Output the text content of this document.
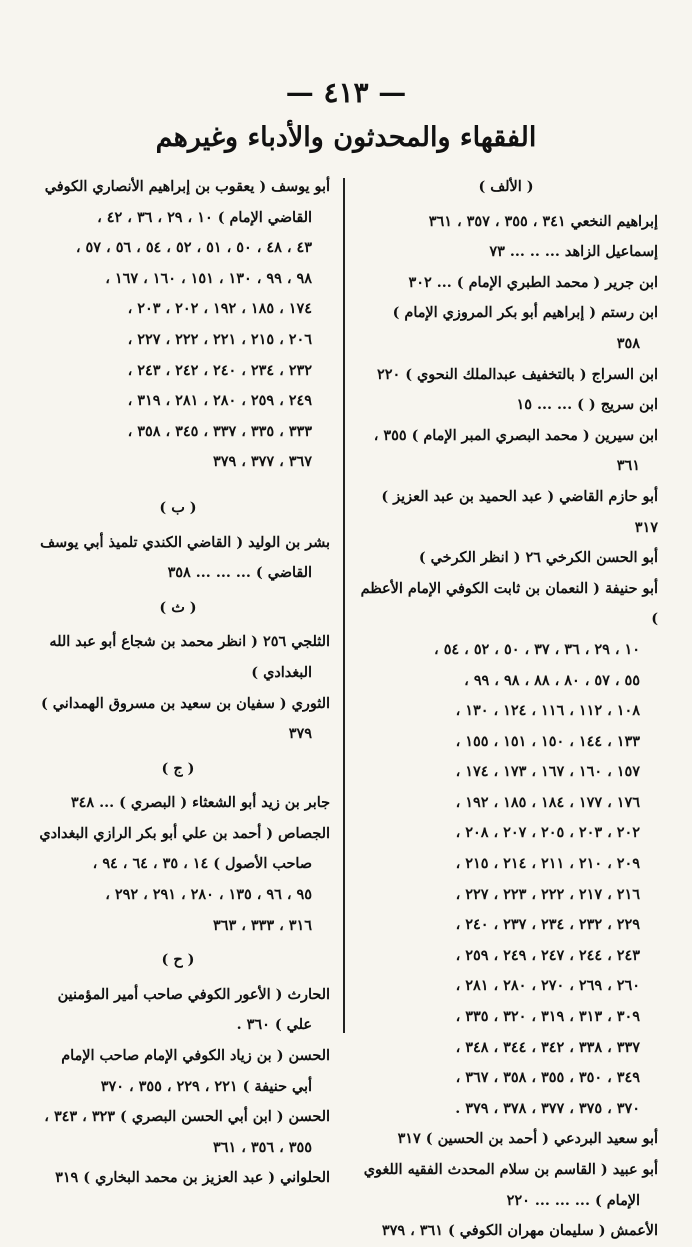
— ٤١٣ —
الفقهاء والمحدثون والأدباء وغيرهم
( الألف )
إبراهيم النخعي ٣٤١ ، ٣٥٥ ، ٣٥٧ ، ٣٦١
إسماعيل الزاهد ... .. ... ٧٣
ابن جرير ( محمد الطبري الإمام ) ... ٣٠٢
ابن رستم ( إبراهيم أبو بكر المروزي الإمام )
٣٥٨
ابن السراج ( بالتخفيف عبدالملك النحوي ) ٢٢٠
ابن سريج ( ) ... ... ١٥
ابن سيرين ( محمد البصري المبر الإمام ) ٣٥٥ ،
٣٦١
أبو حازم القاضي ( عبد الحميد بن عبد العزيز ) ٣١٧
أبو الحسن الكرخي ٢٦ ( انظر الكرخي )
أبو حنيفة ( النعمان بن ثابت الكوفي الإمام الأعظم )
١٠ ، ٢٩ ، ٣٦ ، ٣٧ ، ٥٠ ، ٥٢ ، ٥٤ ،
٥٥ ، ٥٧ ، ٨٠ ، ٨٨ ، ٩٨ ، ٩٩ ،
١٠٨ ، ١١٢ ، ١١٦ ، ١٢٤ ، ١٣٠ ،
١٣٣ ، ١٤٤ ، ١٥٠ ، ١٥١ ، ١٥٥ ،
١٥٧ ، ١٦٠ ، ١٦٧ ، ١٧٣ ، ١٧٤ ،
١٧٦ ، ١٧٧ ، ١٨٤ ، ١٨٥ ، ١٩٢ ،
٢٠٢ ، ٢٠٣ ، ٢٠٥ ، ٢٠٧ ، ٢٠٨ ،
٢٠٩ ، ٢١٠ ، ٢١١ ، ٢١٤ ، ٢١٥ ،
٢١٦ ، ٢١٧ ، ٢٢٢ ، ٢٢٣ ، ٢٢٧ ،
٢٢٩ ، ٢٣٢ ، ٢٣٤ ، ٢٣٧ ، ٢٤٠ ،
٢٤٣ ، ٢٤٤ ، ٢٤٧ ، ٢٤٩ ، ٢٥٩ ،
٢٦٠ ، ٢٦٩ ، ٢٧٠ ، ٢٨٠ ، ٢٨١ ،
٣٠٩ ، ٣١٣ ، ٣١٩ ، ٣٢٠ ، ٣٣٥ ،
٣٣٧ ، ٣٣٨ ، ٣٤٢ ، ٣٤٤ ، ٣٤٨ ،
٣٤٩ ، ٣٥٠ ، ٣٥٥ ، ٣٥٨ ، ٣٦٧ ،
٣٧٠ ، ٣٧٥ ، ٣٧٧ ، ٣٧٨ ، ٣٧٩ .
أبو سعيد البردعي ( أحمد بن الحسين ) ٣١٧
أبو عبيد ( القاسم بن سلام المحدث الفقيه اللغوي
الإمام ) ... ... ... ٢٢٠
الأعمش ( سليمان مهران الكوفي ) ٣٦١ ، ٣٧٩
أبو يوسف ( يعقوب بن إبراهيم الأنصاري الكوفي
القاضي الإمام ) ١٠ ، ٢٩ ، ٣٦ ، ٤٢ ،
٤٣ ، ٤٨ ، ٥٠ ، ٥١ ، ٥٢ ، ٥٤ ، ٥٦ ، ٥٧ ،
٩٨ ، ٩٩ ، ١٣٠ ، ١٥١ ، ١٦٠ ، ١٦٧ ،
١٧٤ ، ١٨٥ ، ١٩٢ ، ٢٠٢ ، ٢٠٣ ،
٢٠٦ ، ٢١٥ ، ٢٢١ ، ٢٢٢ ، ٢٢٧ ،
٢٣٢ ، ٢٣٤ ، ٢٤٠ ، ٢٤٢ ، ٢٤٣ ،
٢٤٩ ، ٢٥٩ ، ٢٨٠ ، ٢٨١ ، ٣١٩ ،
٣٣٣ ، ٣٣٥ ، ٣٣٧ ، ٣٤٥ ، ٣٥٨ ،
٣٦٧ ، ٣٧٧ ، ٣٧٩
( ب )
بشر بن الوليد ( القاضي الكندي تلميذ أبي يوسف
القاضي ) ... ... ... ٣٥٨
( ث )
الثلجي ٢٥٦ ( انظر محمد بن شجاع أبو عبد الله
البغدادي )
الثوري ( سفيان بن سعيد بن مسروق الهمداني )
٣٧٩
( ج )
جابر بن زيد أبو الشعثاء ( البصري ) ... ٣٤٨
الجصاص ( أحمد بن علي أبو بكر الرازي البغدادي
صاحب الأصول ) ١٤ ، ٣٥ ، ٦٤ ، ٩٤ ،
٩٥ ، ٩٦ ، ١٣٥ ، ٢٨٠ ، ٢٩١ ، ٢٩٢ ،
٣١٦ ، ٣٣٣ ، ٣٦٣
( ح )
الحارث ( الأعور الكوفي صاحب أمير المؤمنين
علي ) ٣٦٠ .
الحسن ( بن زياد الكوفي الإمام صاحب الإمام
أبي حنيفة ) ٢٢١ ، ٢٢٩ ، ٣٥٥ ، ٣٧٠
الحسن ( ابن أبي الحسن البصري ) ٣٢٣ ، ٣٤٣ ،
٣٥٥ ، ٣٥٦ ، ٣٦١
الحلواني ( عبد العزيز بن محمد البخاري ) ٣١٩
